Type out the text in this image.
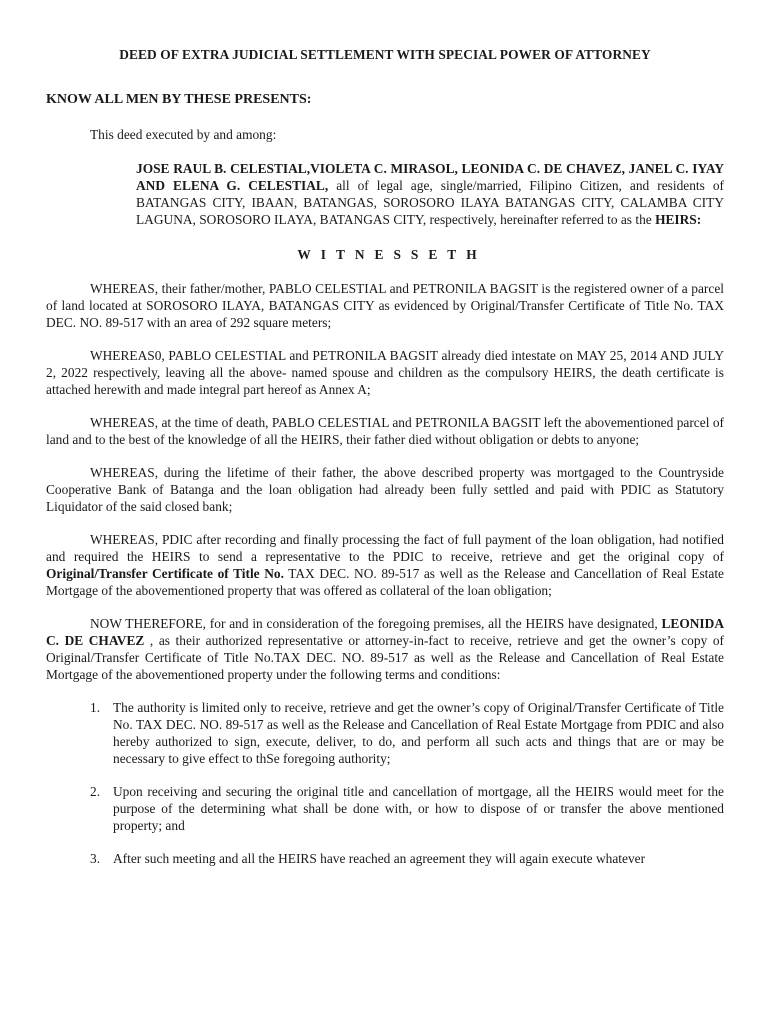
DEED OF EXTRA JUDICIAL SETTLEMENT WITH SPECIAL POWER OF ATTORNEY
KNOW ALL MEN BY THESE PRESENTS:
This deed executed by and among:
JOSE RAUL B. CELESTIAL,VIOLETA C. MIRASOL, LEONIDA C. DE CHAVEZ, JANEL C. IYAY AND ELENA G. CELESTIAL, all of legal age, single/married, Filipino Citizen, and residents of BATANGAS CITY, IBAAN, BATANGAS, SOROSORO ILAYA BATANGAS CITY, CALAMBA CITY LAGUNA, SOROSORO ILAYA, BATANGAS CITY, respectively, hereinafter referred to as the HEIRS:
WITNESSETH

WHEREAS, their father/mother, PABLO CELESTIAL and PETRONILA BAGSIT is the registered owner of a parcel of land located at SOROSORO ILAYA, BATANGAS CITY as evidenced by Original/Transfer Certificate of Title No. TAX DEC. NO. 89-517 with an area of 292 square meters;

WHEREAS0, PABLO CELESTIAL and PETRONILA BAGSIT already died intestate on MAY 25, 2014 AND JULY 2, 2022 respectively, leaving all the above- named spouse and children as the compulsory HEIRS, the death certificate is attached herewith and made integral part hereof as Annex A;

WHEREAS, at the time of death, PABLO CELESTIAL and PETRONILA BAGSIT left the abovementioned parcel of land and to the best of the knowledge of all the HEIRS, their father died without obligation or debts to anyone;

WHEREAS, during the lifetime of their father, the above described property was mortgaged to the Countryside Cooperative Bank of Batanga and the loan obligation had already been fully settled and paid with PDIC as Statutory Liquidator of the said closed bank;

WHEREAS, PDIC after recording and finally processing the fact of full payment of the loan obligation, had notified and required the HEIRS to send a representative to the PDIC to receive, retrieve and get the original copy of Original/Transfer Certificate of Title No. TAX DEC. NO. 89-517 as well as the Release and Cancellation of Real Estate Mortgage of the abovementioned property that was offered as collateral of the loan obligation;

NOW THEREFORE, for and in consideration of the foregoing premises, all the HEIRS have designated, LEONIDA C. DE CHAVEZ , as their authorized representative or attorney-in-fact to receive, retrieve and get the owner’s copy of Original/Transfer Certificate of Title No.TAX DEC. NO. 89-517 as well as the Release and Cancellation of Real Estate Mortgage of the abovementioned property under the following terms and conditions:

1. The authority is limited only to receive, retrieve and get the owner’s copy of Original/Transfer Certificate of Title No. TAX DEC. NO. 89-517 as well as the Release and Cancellation of Real Estate Mortgage from PDIC and also hereby authorized to sign, execute, deliver, to do, and perform all such acts and things that are or may be necessary to give effect to thSe foregoing authority;
2. Upon receiving and securing the original title and cancellation of mortgage, all the HEIRS would meet for the purpose of the determining what shall be done with, or how to dispose of or transfer the above mentioned property; and
3. After such meeting and all the HEIRS have reached an agreement they will again execute whatever
